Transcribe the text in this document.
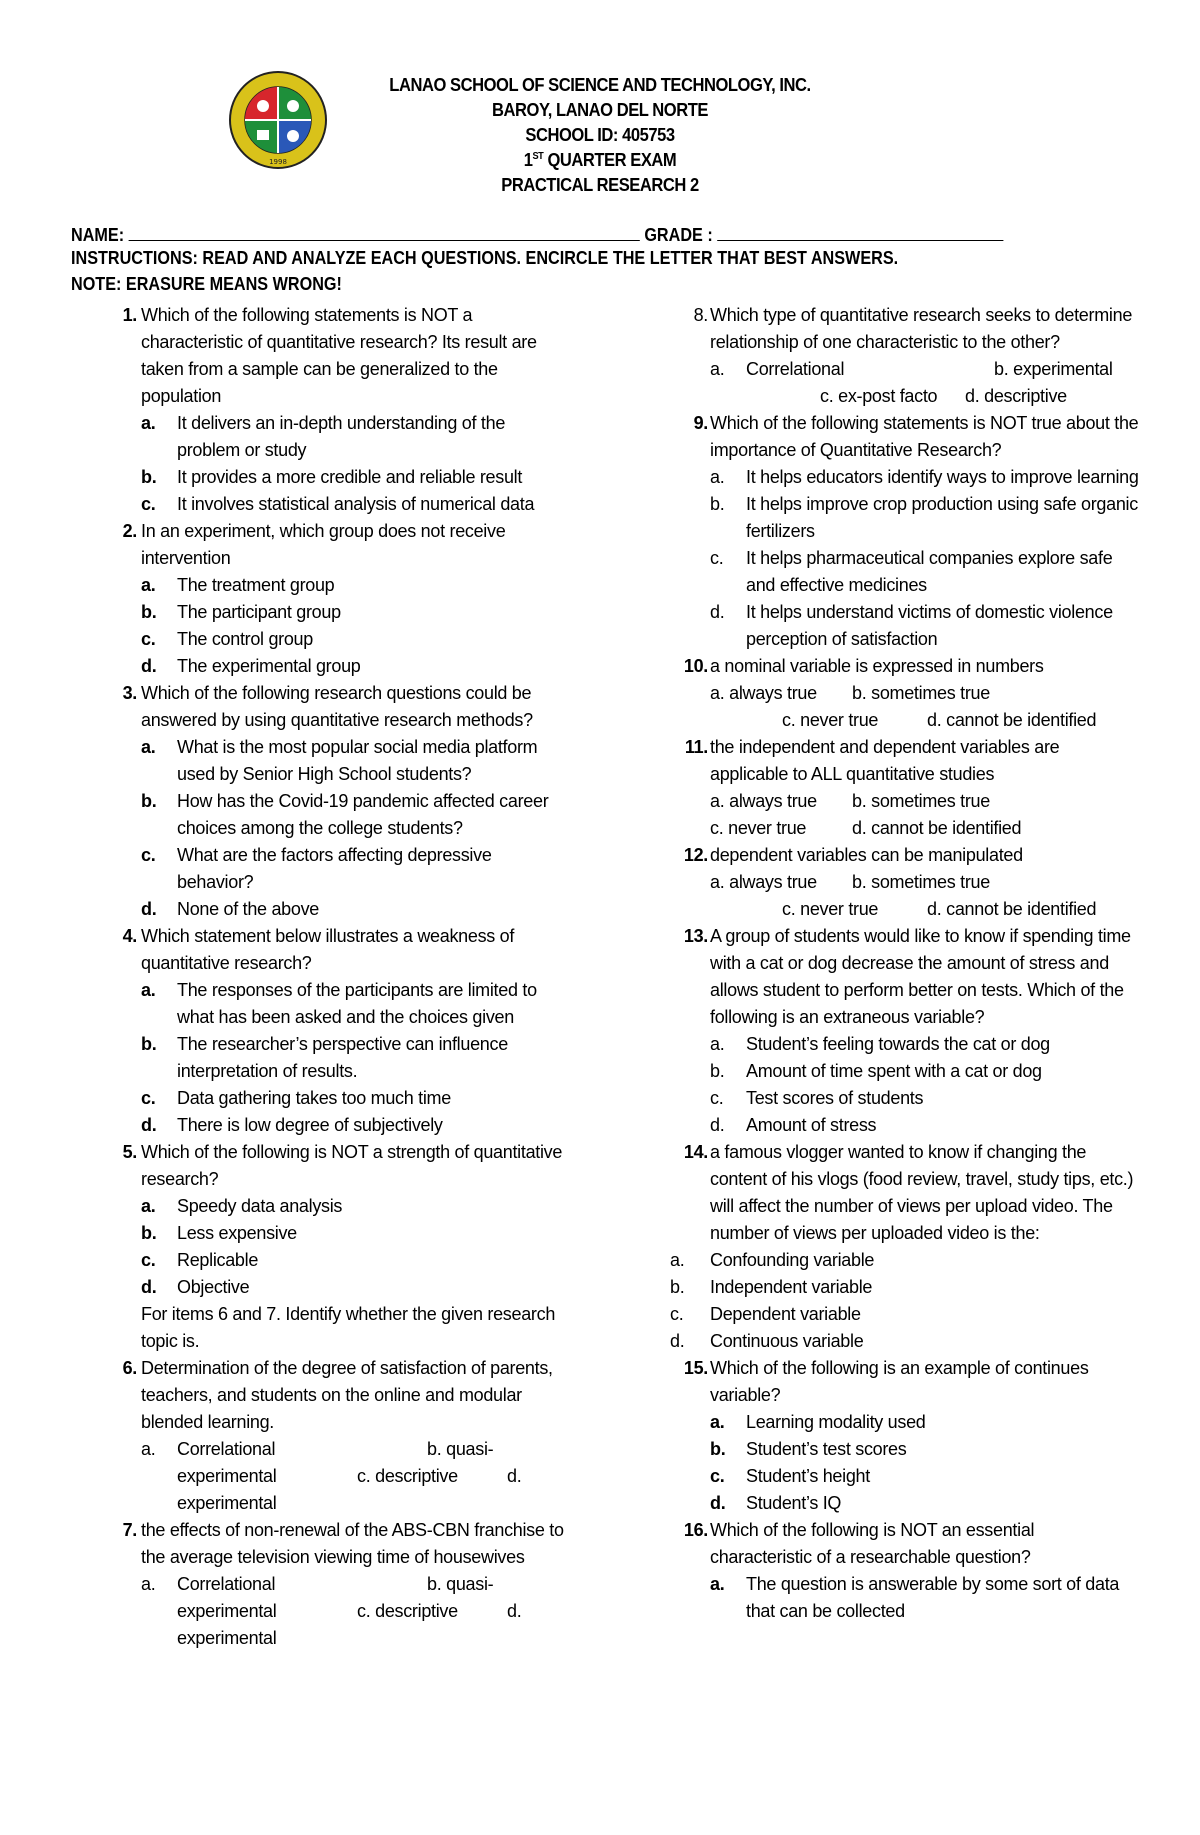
1998
LANAO SCHOOL OF SCIENCE AND TECHNOLOGY, INC.
BAROY, LANAO DEL NORTE
SCHOOL ID: 405753
1ST QUARTER EXAM
PRACTICAL RESEARCH 2
NAME:	GRADE :
INSTRUCTIONS: READ AND ANALYZE EACH QUESTIONS. ENCIRCLE THE LETTER THAT BEST ANSWERS.
NOTE: ERASURE MEANS WRONG!
1. Which of the following statements is NOT a characteristic of quantitative research? Its result are taken from a sample can be generalized to the population
a. It delivers an in-depth understanding of the problem or study
b. It provides a more credible and reliable result
c. It involves statistical analysis of numerical data
2. In an experiment, which group does not receive intervention
a. The treatment group
b. The participant group
c. The control group
d. The experimental group
3. Which of the following research questions could be answered by using quantitative research methods?
a. What is the most popular social media platform used by Senior High School students?
b. How has the Covid-19 pandemic affected career choices among the college students?
c. What are the factors affecting depressive behavior?
d. None of the above
4. Which statement below illustrates a weakness of quantitative research?
a. The responses of the participants are limited to what has been asked and the choices given
b. The researcher’s perspective can influence interpretation of results.
c. Data gathering takes too much time
d. There is low degree of subjectively
5. Which of the following is NOT a strength of quantitative research?
a. Speedy data analysis
b. Less expensive
c. Replicable
d. Objective
For items 6 and 7. Identify whether the given research topic is.
6. Determination of the degree of satisfaction of parents, teachers, and students on the online and modular blended learning.
a. Correlational	b. quasi-
experimental	c. descriptive	d.
experimental
7. the effects of non-renewal of the ABS-CBN franchise to the average television viewing time of housewives
a. Correlational	b. quasi-
experimental	c. descriptive	d.
experimental
8. Which type of quantitative research seeks to determine relationship of one characteristic to the other?
a. Correlational	b. experimental
c. ex-post facto d. descriptive
9. Which of the following statements is NOT true about the importance of Quantitative Research?
a. It helps educators identify ways to improve learning
b. It helps improve crop production using safe organic fertilizers
c. It helps pharmaceutical companies explore safe and effective medicines
d. It helps understand victims of domestic violence perception of satisfaction
10. a nominal variable is expressed in numbers
a. always true b. sometimes true
c. never true	d. cannot be identified
11. the independent and dependent variables are applicable to ALL quantitative studies
a. always true b. sometimes true
c. never true	d. cannot be identified
12. dependent variables can be manipulated
a. always true b. sometimes true
c. never true	d. cannot be identified
13. A group of students would like to know if spending time with a cat or dog decrease the amount of stress and allows student to perform better on tests. Which of the following is an extraneous variable?
a. Student’s feeling towards the cat or dog
b. Amount of time spent with a cat or dog
c. Test scores of students
d. Amount of stress
14. a famous vlogger wanted to know if changing the content of his vlogs (food review, travel, study tips, etc.) will affect the number of views per upload video. The number of views per uploaded video is the:
a. Confounding variable
b. Independent variable
c. Dependent variable
d. Continuous variable
15. Which of the following is an example of continues variable?
a. Learning modality used
b. Student’s test scores
c. Student’s height
d. Student’s IQ
16. Which of the following is NOT an essential characteristic of a researchable question?
a. The question is answerable by some sort of data that can be collected
